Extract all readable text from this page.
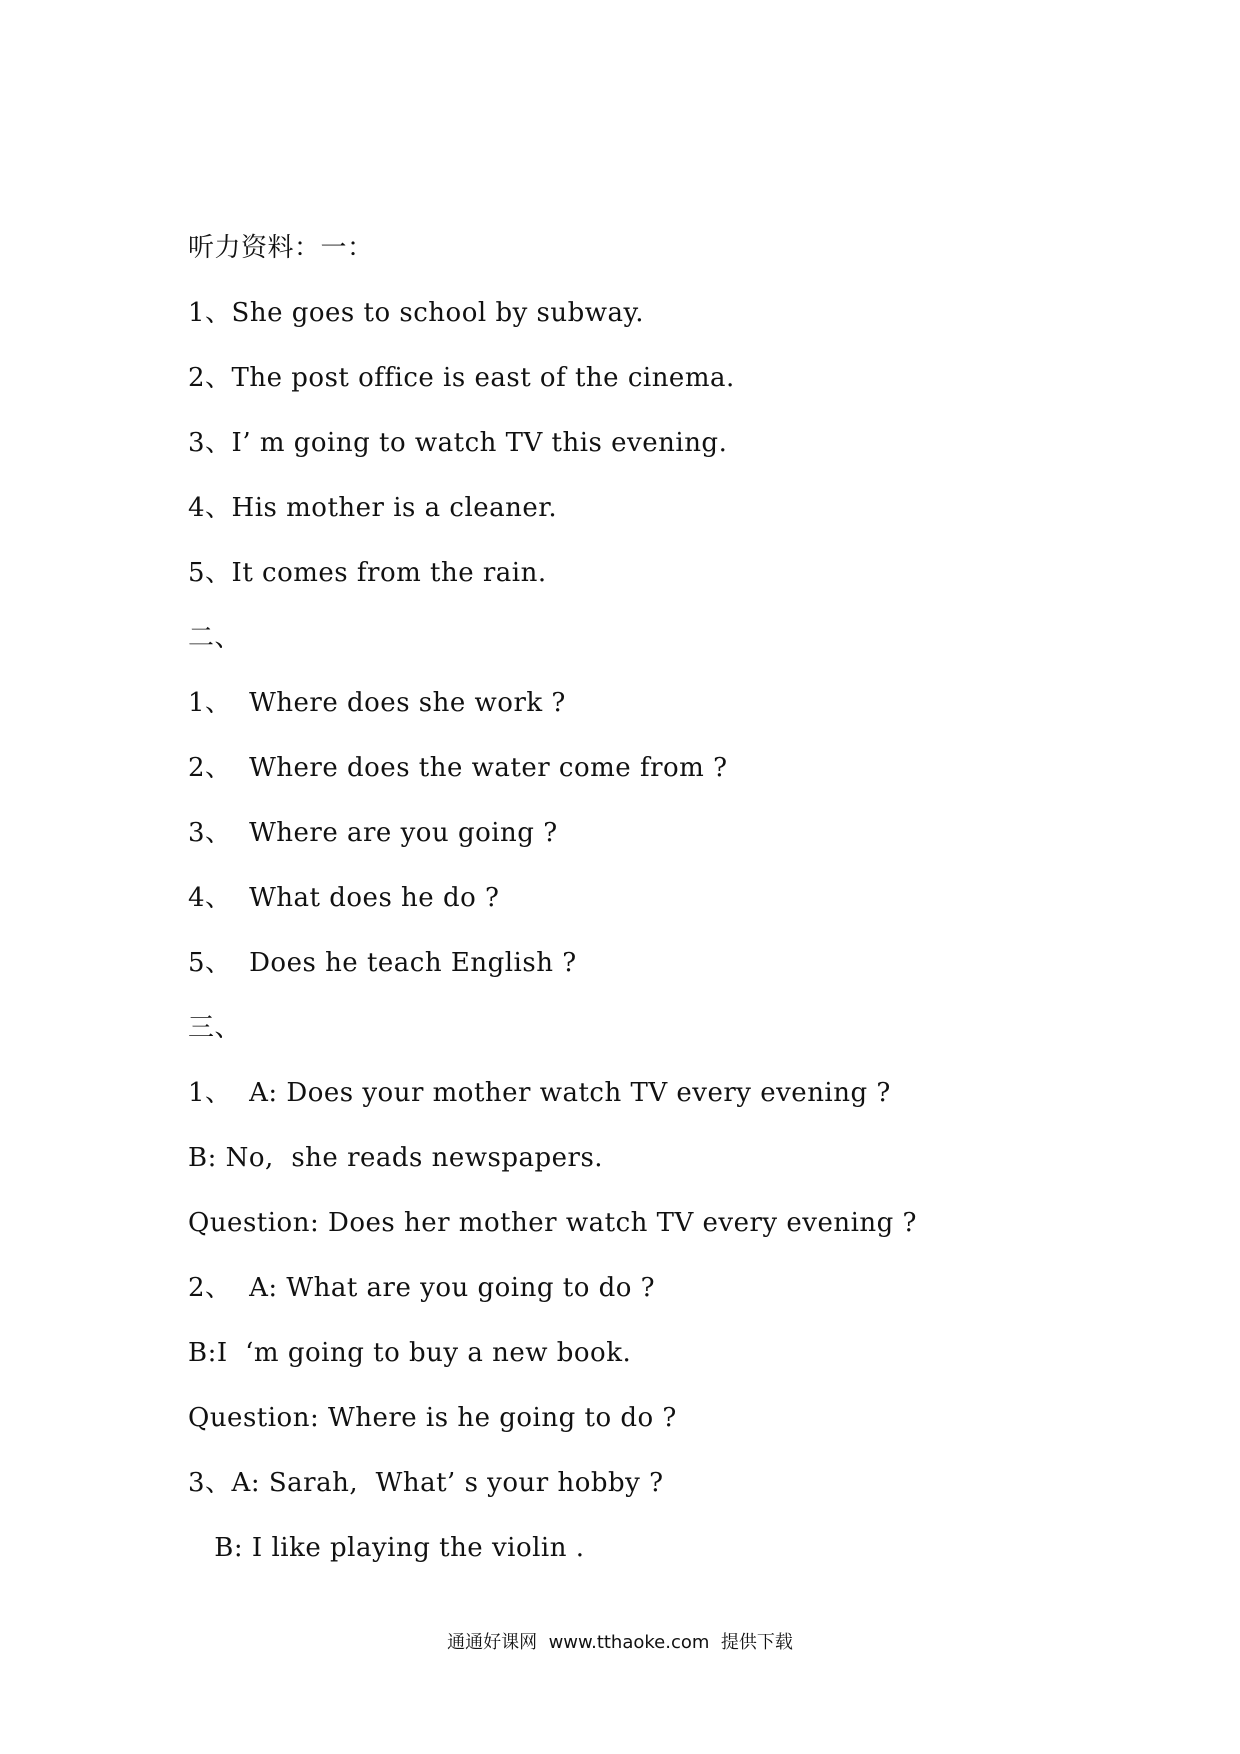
听力资料：一：
1、She goes to school by subway.
2、The post office is east of the cinema.
3、I’ m going to watch TV this evening.
4、His mother is a cleaner.
5、It comes from the rain.
二、
1、  Where does she work ?
2、  Where does the water come from ?
3、  Where are you going ?
4、  What does he do ?
5、  Does he teach English ?
三、
1、  A: Does your mother watch TV every evening ?
B: No,  she reads newspapers.
Question: Does her mother watch TV every evening ?
2、  A: What are you going to do ?
B:I  ‘m going to buy a new book.
Question: Where is he going to do ?
3、A: Sarah,  What’ s your hobby ?
B: I like playing the violin .
通通好课网  www.tthaoke.com  提供下载
